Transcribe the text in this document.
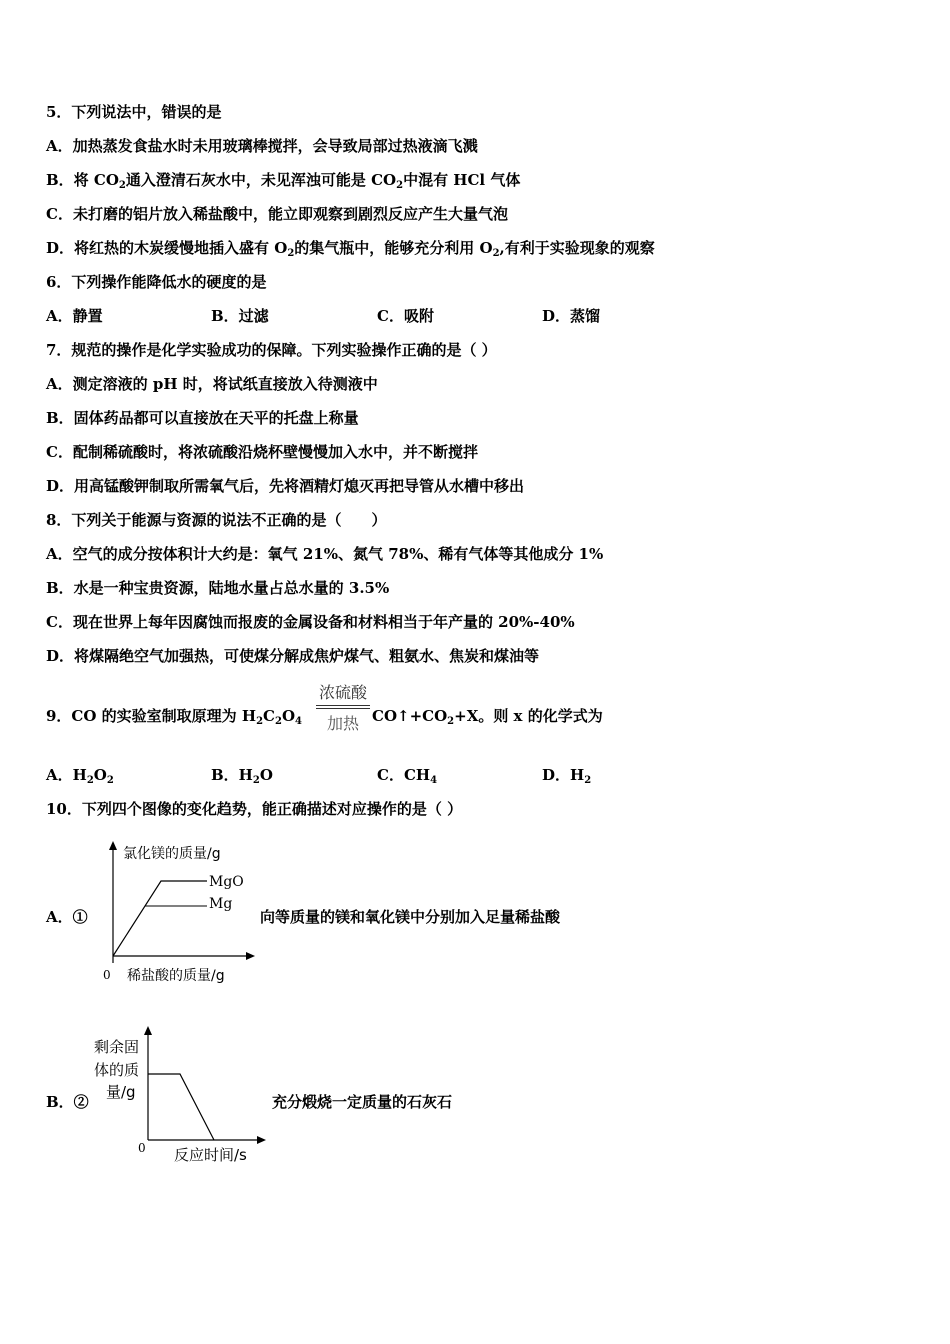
5．下列说法中，错误的是
A．加热蒸发食盐水时未用玻璃棒搅拌，会导致局部过热液滴飞溅
B．将 $CO_2$通入澄清石灰水中，未见浑浊可能是 $CO_2$中混有 HCl 气体
C．未打磨的铝片放入稀盐酸中，能立即观察到剧烈反应产生大量气泡
D．将红热的木炭缓慢地插入盛有 $O_2$的集气瓶中，能够充分利用 $O_2$,有利于实验现象的观察
6．下列操作能降低水的硬度的是
A．静置	B．过滤	C．吸附	D．蒸馏
7．规范的操作是化学实验成功的保障。下列实验操作正确的是（ ）
A．测定溶液的 pH 时，将试纸直接放入待测液中
B．固体药品都可以直接放在天平的托盘上称量
C．配制稀硫酸时，将浓硫酸沿烧杯壁慢慢加入水中，并不断搅拌
D．用高锰酸钾制取所需氧气后，先将酒精灯熄灭再把导管从水槽中移出
8．下列关于能源与资源的说法不正确的是（　　）
A．空气的成分按体积计大约是：氧气 21%、氮气 78%、稀有气体等其他成分 1%
B．水是一种宝贵资源，陆地水量占总水量的 3.5%
C．现在世界上每年因腐蚀而报废的金属设备和材料相当于年产量的 20%-40%
D．将煤隔绝空气加强热，可使煤分解成焦炉煤气、粗氨水、焦炭和煤油等
9．CO 的实验室制取原理为 $H_2C_2O_4$
浓硫酸
加热 $CO↑+CO_2+X$。则 x 的化学式为
A．$H_2O_2$	B．$H_2O$	C．$CH_4$	D．$H_2$
10．下列四个图像的变化趋势，能正确描述对应操作的是（ ）
A．①	向等质量的镁和氧化镁中分别加入足量稀盐酸
氯化镁的质量/g
MgO
Mg
0 稀盐酸的质量/g
B．②	充分煅烧一定质量的石灰石
剩余固
体的质
量/g
0 反应时间/s
